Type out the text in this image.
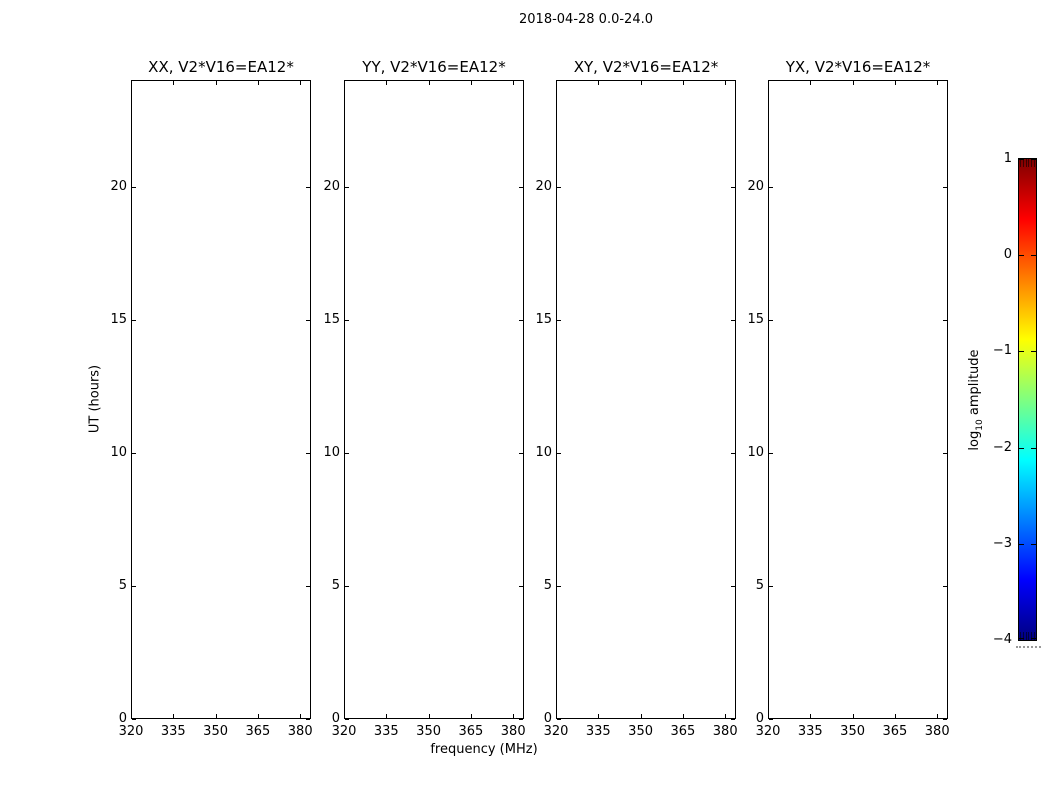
2018-04-28 0.0-24.0
UT (hours)
frequency (MHz)
$\log_{10}$ amplitude
XX, V2*V16=EA12*
320 335 350 365 380
20
15
10
5
0
YY, V2*V16=EA12*
320 335 350 365 380
20
15
10
5
0
XY, V2*V16=EA12*
320 335 350 365 380
20
15
10
5
0
YX, V2*V16=EA12*
320 335 350 365 380
20
15
10
5
0
1
0
−1
−2
−3
−4
